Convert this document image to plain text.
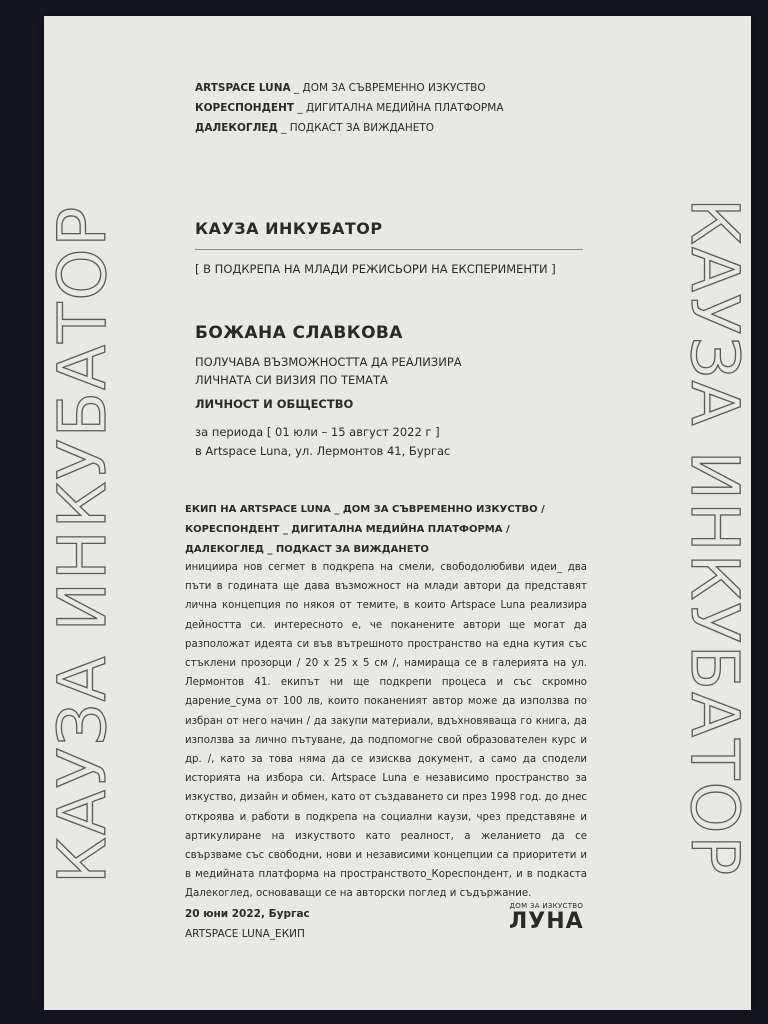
ARTSPACE LUNA _ ДОМ ЗА СЪВРЕМЕННО ИЗКУСТВО
КОРЕСПОНДЕНТ _ ДИГИТАЛНА МЕДИЙНА ПЛАТФОРМА
ДАЛЕКОГЛЕД _ ПОДКАСТ ЗА ВИЖДАНЕТО
КАУЗА ИНКУБАТОР	КАУЗА ИНКУБАТОР
КАУЗА ИНКУБАТОР
[ В ПОДКРЕПА НА МЛАДИ РЕЖИСЬОРИ НА ЕКСПЕРИМЕНТИ ]
БОЖАНА СЛАВКОВА
ПОЛУЧАВА ВЪЗМОЖНОСТТА ДА РЕАЛИЗИРА
ЛИЧНАТА СИ ВИЗИЯ ПО ТЕМАТА
ЛИЧНОСТ И ОБЩЕСТВО
за периода [ 01 юли – 15 август 2022 г ]
в Artspace Luna, ул. Лермонтов 41, Бургас
ЕКИП НА ARTSPACE LUNA _ ДОМ ЗА СЪВРЕМЕННО ИЗКУСТВО /
КОРЕСПОНДЕНТ _ ДИГИТАЛНА МЕДИЙНА ПЛАТФОРМА /
ДАЛЕКОГЛЕД _ ПОДКАСТ ЗА ВИЖДАНЕТО
инициира нов сегмет в подкрепа на смели, свободолюбиви идеи_ два пъти в годината ще дава възможност на млади автори да представят лична концепция по някоя от темите, в които Artspace Luna реализира дейността си. интересното е, че поканените автори ще могат да разположат идеята си във вътрешното пространство на една кутия със стъклени прозорци / 20 x 25 x 5 см /, намираща се в галерията на ул. Лермонтов 41. екипът ни ще подкрепи процеса и със скромно дарение_сума от 100 лв, които поканеният автор може да използва по избран от него начин / да закупи материали, вдъхновяваща го книга, да използва за лично пътуване, да подпомогне свой образователен курс и др. /, като за това няма да се изисква документ, а само да сподели историята на избора си. Artspace Luna е независимо пространство за изкуство, дизайн и обмен, като от създаването си през 1998 год. до днес откроява и работи в подкрепа на социални каузи, чрез представяне и артикулиране на изкуството като реалност, а желанието да се свързваме със свободни, нови и независими концепции са приоритети и в медийната платформа на пространството_Кореспондент, и в подкаста Далекоглед, основаващи се на авторски поглед и съдържание.
20 юни 2022, Бургас
ARTSPACE LUNA_ЕКИП
ДОМ ЗА ИЗКУСТВО
ЛУНА
